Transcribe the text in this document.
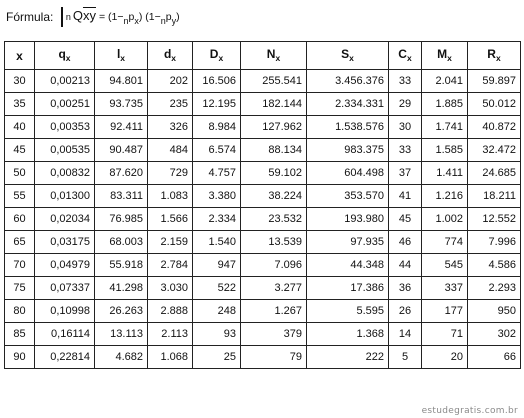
Fórmula: n Q $\overline{xy} = (1-_np_x)$ $(1-_np_y)$
x	$q_x$	$l_x$	$d_x$	$D_x$	$N_x$	$S_x$	$C_x$	$M_x$	$R_x$
30	0,00213	94.801	202	16.506	255.541	3.456.376	33	2.041	59.897
35	0,00251	93.735	235	12.195	182.144	2.334.331	29	1.885	50.012
40	0,00353	92.411	326	8.984	127.962	1.538.576	30	1.741	40.872
45	0,00535	90.487	484	6.574	88.134	983.375	33	1.585	32.472
50	0,00832	87.620	729	4.757	59.102	604.498	37	1.411	24.685
55	0,01300	83.311	1.083	3.380	38.224	353.570	41	1.216	18.211
60	0,02034	76.985	1.566	2.334	23.532	193.980	45	1.002	12.552
65	0,03175	68.003	2.159	1.540	13.539	97.935	46	774	7.996
70	0,04979	55.918	2.784	947	7.096	44.348	44	545	4.586
75	0,07337	41.298	3.030	522	3.277	17.386	36	337	2.293
80	0,10998	26.263	2.888	248	1.267	5.595	26	177	950
85	0,16114	13.113	2.113	93	379	1.368	14	71	302
90	0,22814	4.682	1.068	25	79	222	5	20	66
estudegratis.com.br
